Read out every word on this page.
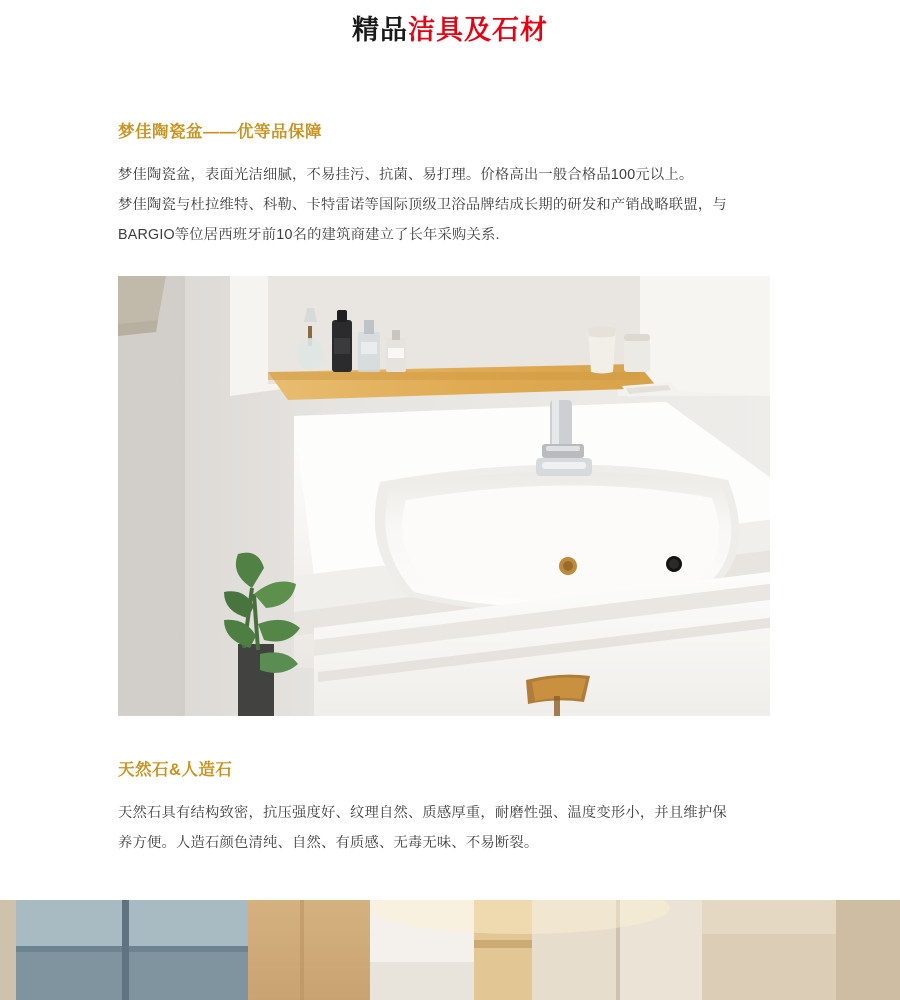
精品洁具及石材
梦佳陶瓷盆——优等品保障

梦佳陶瓷盆，表面光洁细腻，不易挂污、抗菌、易打理。价格高出一般合格品100元以上。

梦佳陶瓷与杜拉维特、科勒、卡特雷诺等国际顶级卫浴品牌结成长期的研发和产销战略联盟，与

BARGIO等位居西班牙前10名的建筑商建立了长年采购关系.

天然石&人造石

天然石具有结构致密，抗压强度好、纹理自然、质感厚重，耐磨性强、温度变形小，并且维护保

养方便。人造石颜色清纯、自然、有质感、无毒无味、不易断裂。
